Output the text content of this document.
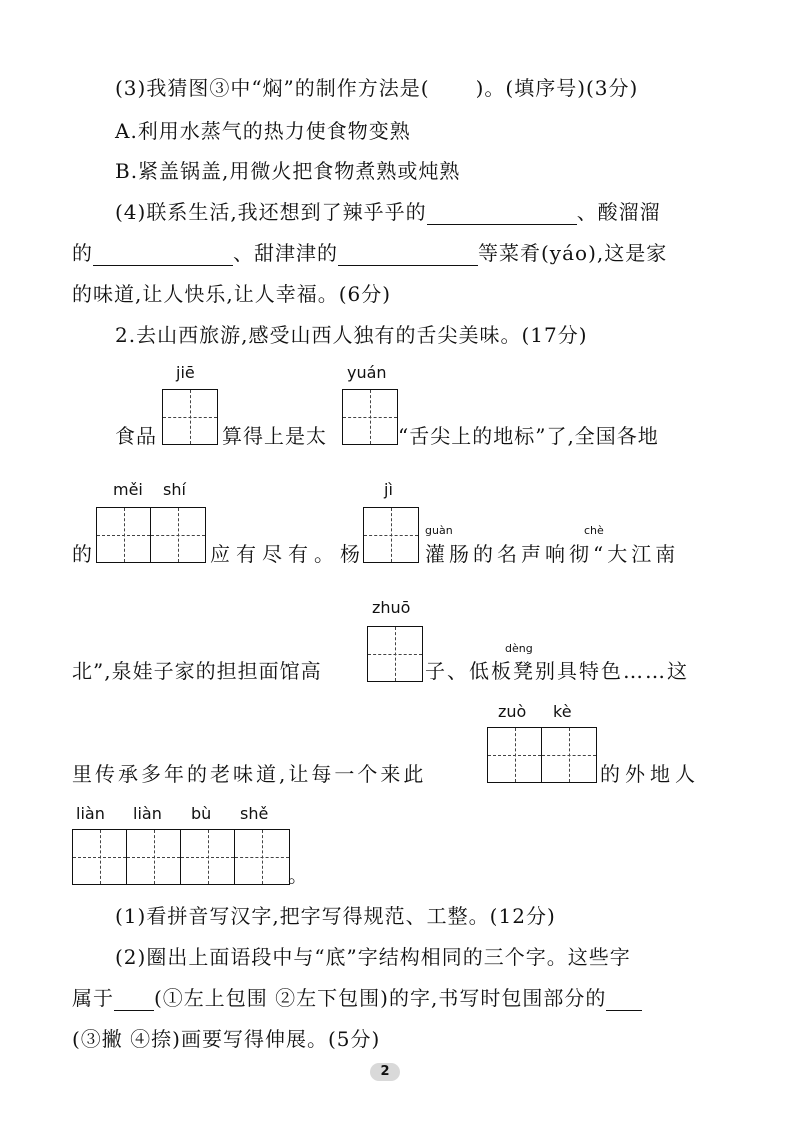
(3)我猜图③中“焖”的制作方法是( )。(填序号)(3分)
A.利用水蒸气的热力使食物变熟
B.紧盖锅盖,用微火把食物煮熟或炖熟
(4)联系生活,我还想到了辣乎乎的	、酸溜溜
的	、甜津津的	等菜肴(yáo),这是家
的味道,让人快乐,让人幸福。(6分)
2.去山西旅游,感受山西人独有的舌尖美味。(17分)
jiē	yuán
食品	算得上是太	“舌尖上的地标”了,全国各地
měi shí	jì
的	应有尽有。杨
guàn	chè
灌肠的名声响彻“大江南
zhuō
北”,泉娃子家的担担面馆高
dèng
子、低板凳别具特色……这
zuò kè
里传承多年的老味道,让每一个来此	的外地人
liàn liàn bù shě
。
(1)看拼音写汉字,把字写得规范、工整。(12分)
(2)圈出上面语段中与“底”字结构相同的三个字。这些字
属于 (①左上包围 ②左下包围)的字,书写时包围部分的
(③撇 ④捺)画要写得伸展。(5分)
2
